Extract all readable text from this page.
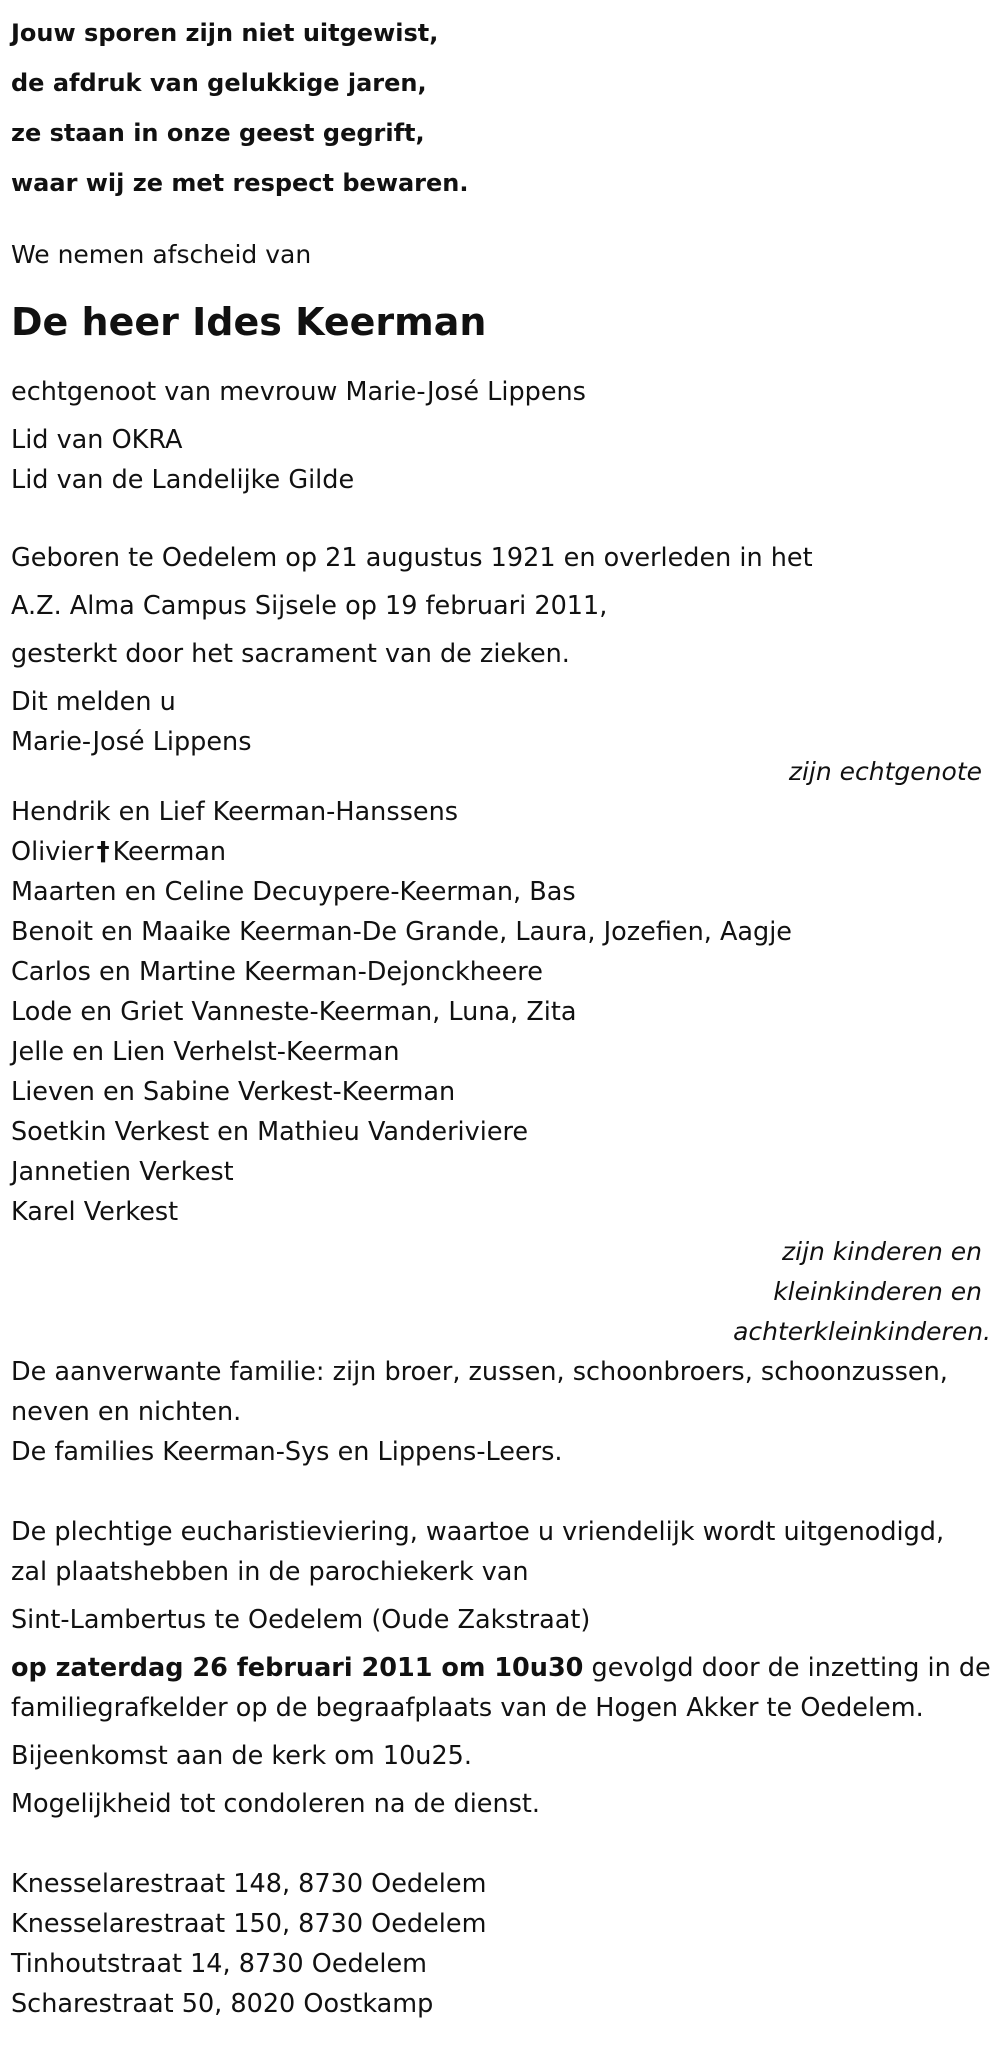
Jouw sporen zijn niet uitgewist,
de afdruk van gelukkige jaren,
ze staan in onze geest gegrift,
waar wij ze met respect bewaren.
We nemen afscheid van
De heer Ides Keerman
echtgenoot van mevrouw Marie-José Lippens
Lid van OKRA
Lid van de Landelijke Gilde
Geboren te Oedelem op 21 augustus 1921 en overleden in het
A.Z. Alma Campus Sijsele op 19 februari 2011,
gesterkt door het sacrament van de zieken.
Dit melden u
Marie-José Lippens
zijn echtgenote
Hendrik en Lief Keerman-Hanssens
Olivier † Keerman
Maarten en Celine Decuypere-Keerman, Bas
Benoit en Maaike Keerman-De Grande, Laura, Jozefien, Aagje
Carlos en Martine Keerman-Dejonckheere
Lode en Griet Vanneste-Keerman, Luna, Zita
Jelle en Lien Verhelst-Keerman
Lieven en Sabine Verkest-Keerman
Soetkin Verkest en Mathieu Vanderiviere
Jannetien Verkest
Karel Verkest
zijn kinderen en
kleinkinderen en
achterkleinkinderen.
De aanverwante familie: zijn broer, zussen, schoonbroers, schoonzussen,
neven en nichten.
De families Keerman-Sys en Lippens-Leers.
De plechtige eucharistieviering, waartoe u vriendelijk wordt uitgenodigd,
zal plaatshebben in de parochiekerk van
Sint-Lambertus te Oedelem (Oude Zakstraat)
op zaterdag 26 februari 2011 om 10u30 gevolgd door de inzetting in de
familiegrafkelder op de begraafplaats van de Hogen Akker te Oedelem.
Bijeenkomst aan de kerk om 10u25.
Mogelijkheid tot condoleren na de dienst.
Knesselarestraat 148, 8730 Oedelem
Knesselarestraat 150, 8730 Oedelem
Tinhoutstraat 14, 8730 Oedelem
Scharestraat 50, 8020 Oostkamp
